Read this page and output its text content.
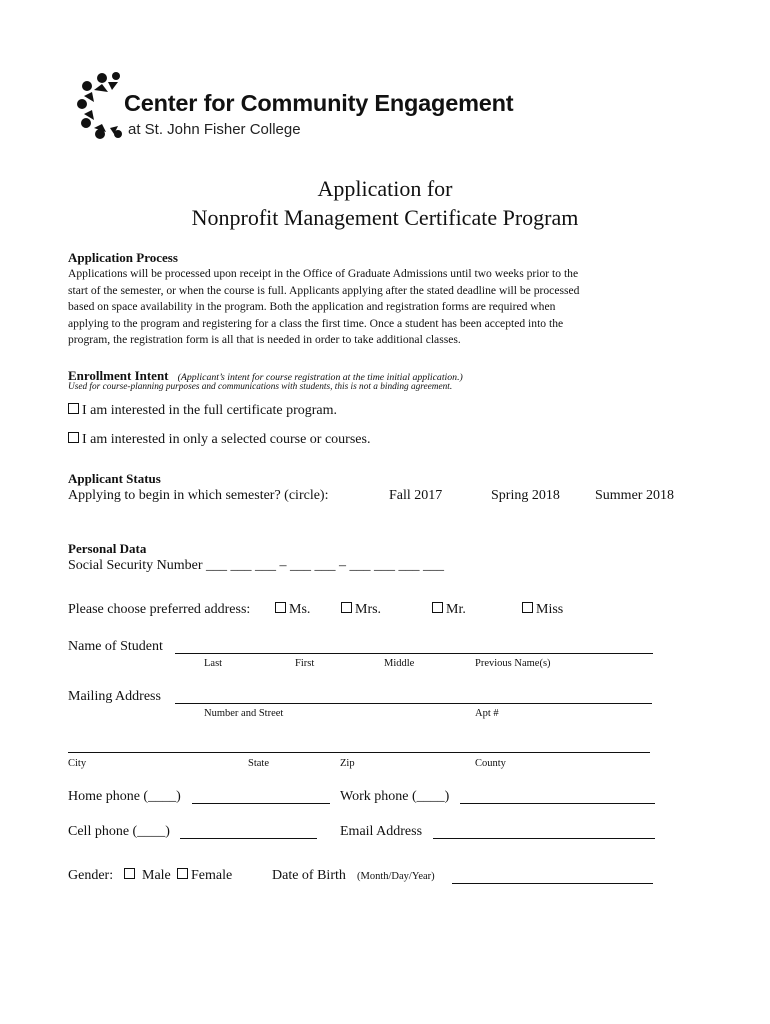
Center for Community Engagement
at St. John Fisher College
Application for
Nonprofit Management Certificate Program
Application Process
Applications will be processed upon receipt in the Office of Graduate Admissions until two weeks prior to the
start of the semester, or when the course is full. Applicants applying after the stated deadline will be processed
based on space availability in the program. Both the application and registration forms are required when
applying to the program and registering for a class the first time. Once a student has been accepted into the
program, the registration form is all that is needed in order to take additional classes.
Enrollment Intent (Applicant’s intent for course registration at the time initial application.)
Used for course-planning purposes and communications with students, this is not a binding agreement.
I am interested in the full certificate program.
I am interested in only a selected course or courses.
Applicant Status
Applying to begin in which semester? (circle):	Fall 2017	Spring 2018	Summer 2018
Personal Data
Social Security Number ___ ___ ___ – ___ ___ – ___ ___ ___ ___
Please choose preferred address:	Ms.	Mrs.	Mr.	Miss
Name of Student
Last	First	Middle	Previous Name(s)
Mailing Address
Number and Street	Apt #
City	State	Zip	County
Home phone (____)	Work phone (____)
Cell phone (____)	Email Address
Gender:	Male	Female	Date of Birth (Month/Day/Year)
